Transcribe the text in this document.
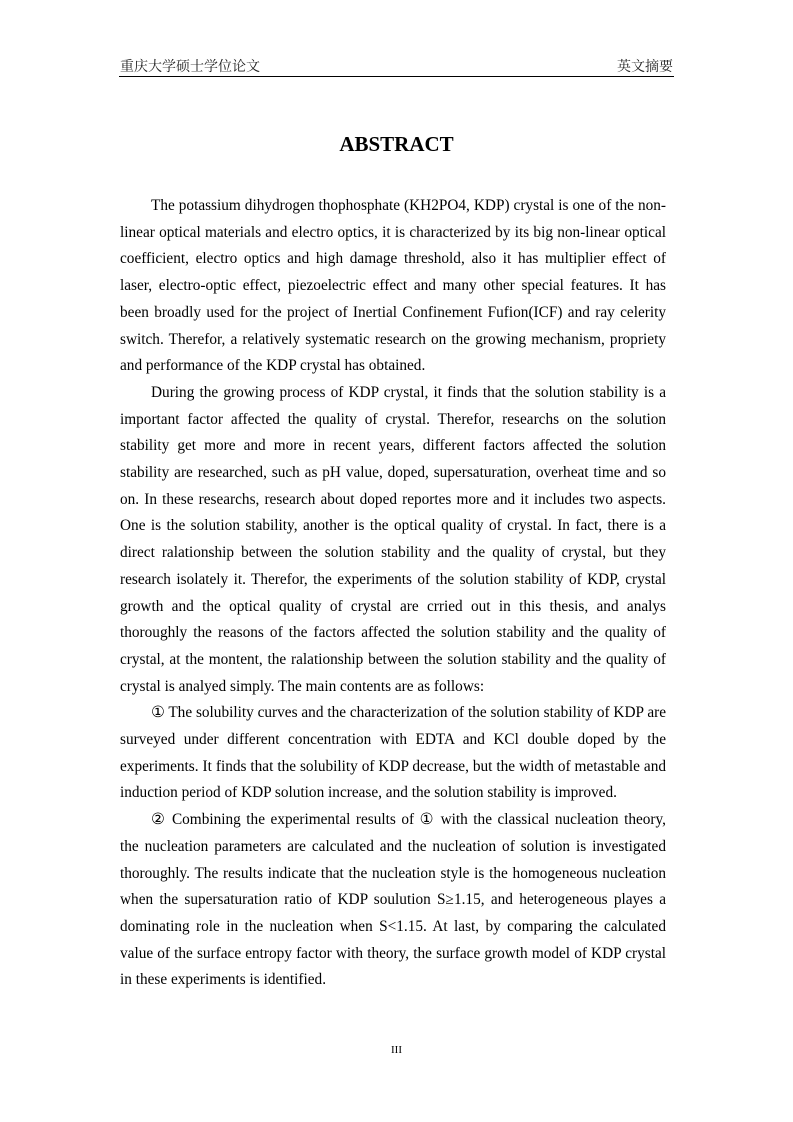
重庆大学硕士学位论文	英文摘要
ABSTRACT

The potassium dihydrogen thophosphate (KH2PO4, KDP) crystal is one of the non-linear optical materials and electro optics, it is characterized by its big non-linear optical coefficient, electro optics and high damage threshold, also it has multiplier effect of laser, electro-optic effect, piezoelectric effect and many other special features. It has been broadly used for the project of Inertial Confinement Fufion(ICF) and ray celerity switch. Therefor, a relatively systematic research on the growing mechanism, propriety and performance of the KDP crystal has obtained.

During the growing process of KDP crystal, it finds that the solution stability is a important factor affected the quality of crystal. Therefor, researchs on the solution stability get more and more in recent years, different factors affected the solution stability are researched, such as pH value, doped, supersaturation, overheat time and so on. In these researchs, research about doped reportes more and it includes two aspects. One is the solution stability, another is the optical quality of crystal. In fact, there is a direct ralationship between the solution stability and the quality of crystal, but they research isolately it. Therefor, the experiments of the solution stability of KDP, crystal growth and the optical quality of crystal are crried out in this thesis, and analys thoroughly the reasons of the factors affected the solution stability and the quality of crystal, at the montent, the ralationship between the solution stability and the quality of crystal is analyed simply. The main contents are as follows:

① The solubility curves and the characterization of the solution stability of KDP are surveyed under different concentration with EDTA and KCl double doped by the experiments. It finds that the solubility of KDP decrease, but the width of metastable and induction period of KDP solution increase, and the solution stability is improved.

② Combining the experimental results of ① with the classical nucleation theory, the nucleation parameters are calculated and the nucleation of solution is investigated thoroughly. The results indicate that the nucleation style is the homogeneous nucleation when the supersaturation ratio of KDP soulution S≥1.15, and heterogeneous playes a dominating role in the nucleation when S<1.15. At last, by comparing the calculated value of the surface entropy factor with theory, the surface growth model of KDP crystal in these experiments is identified.

III
